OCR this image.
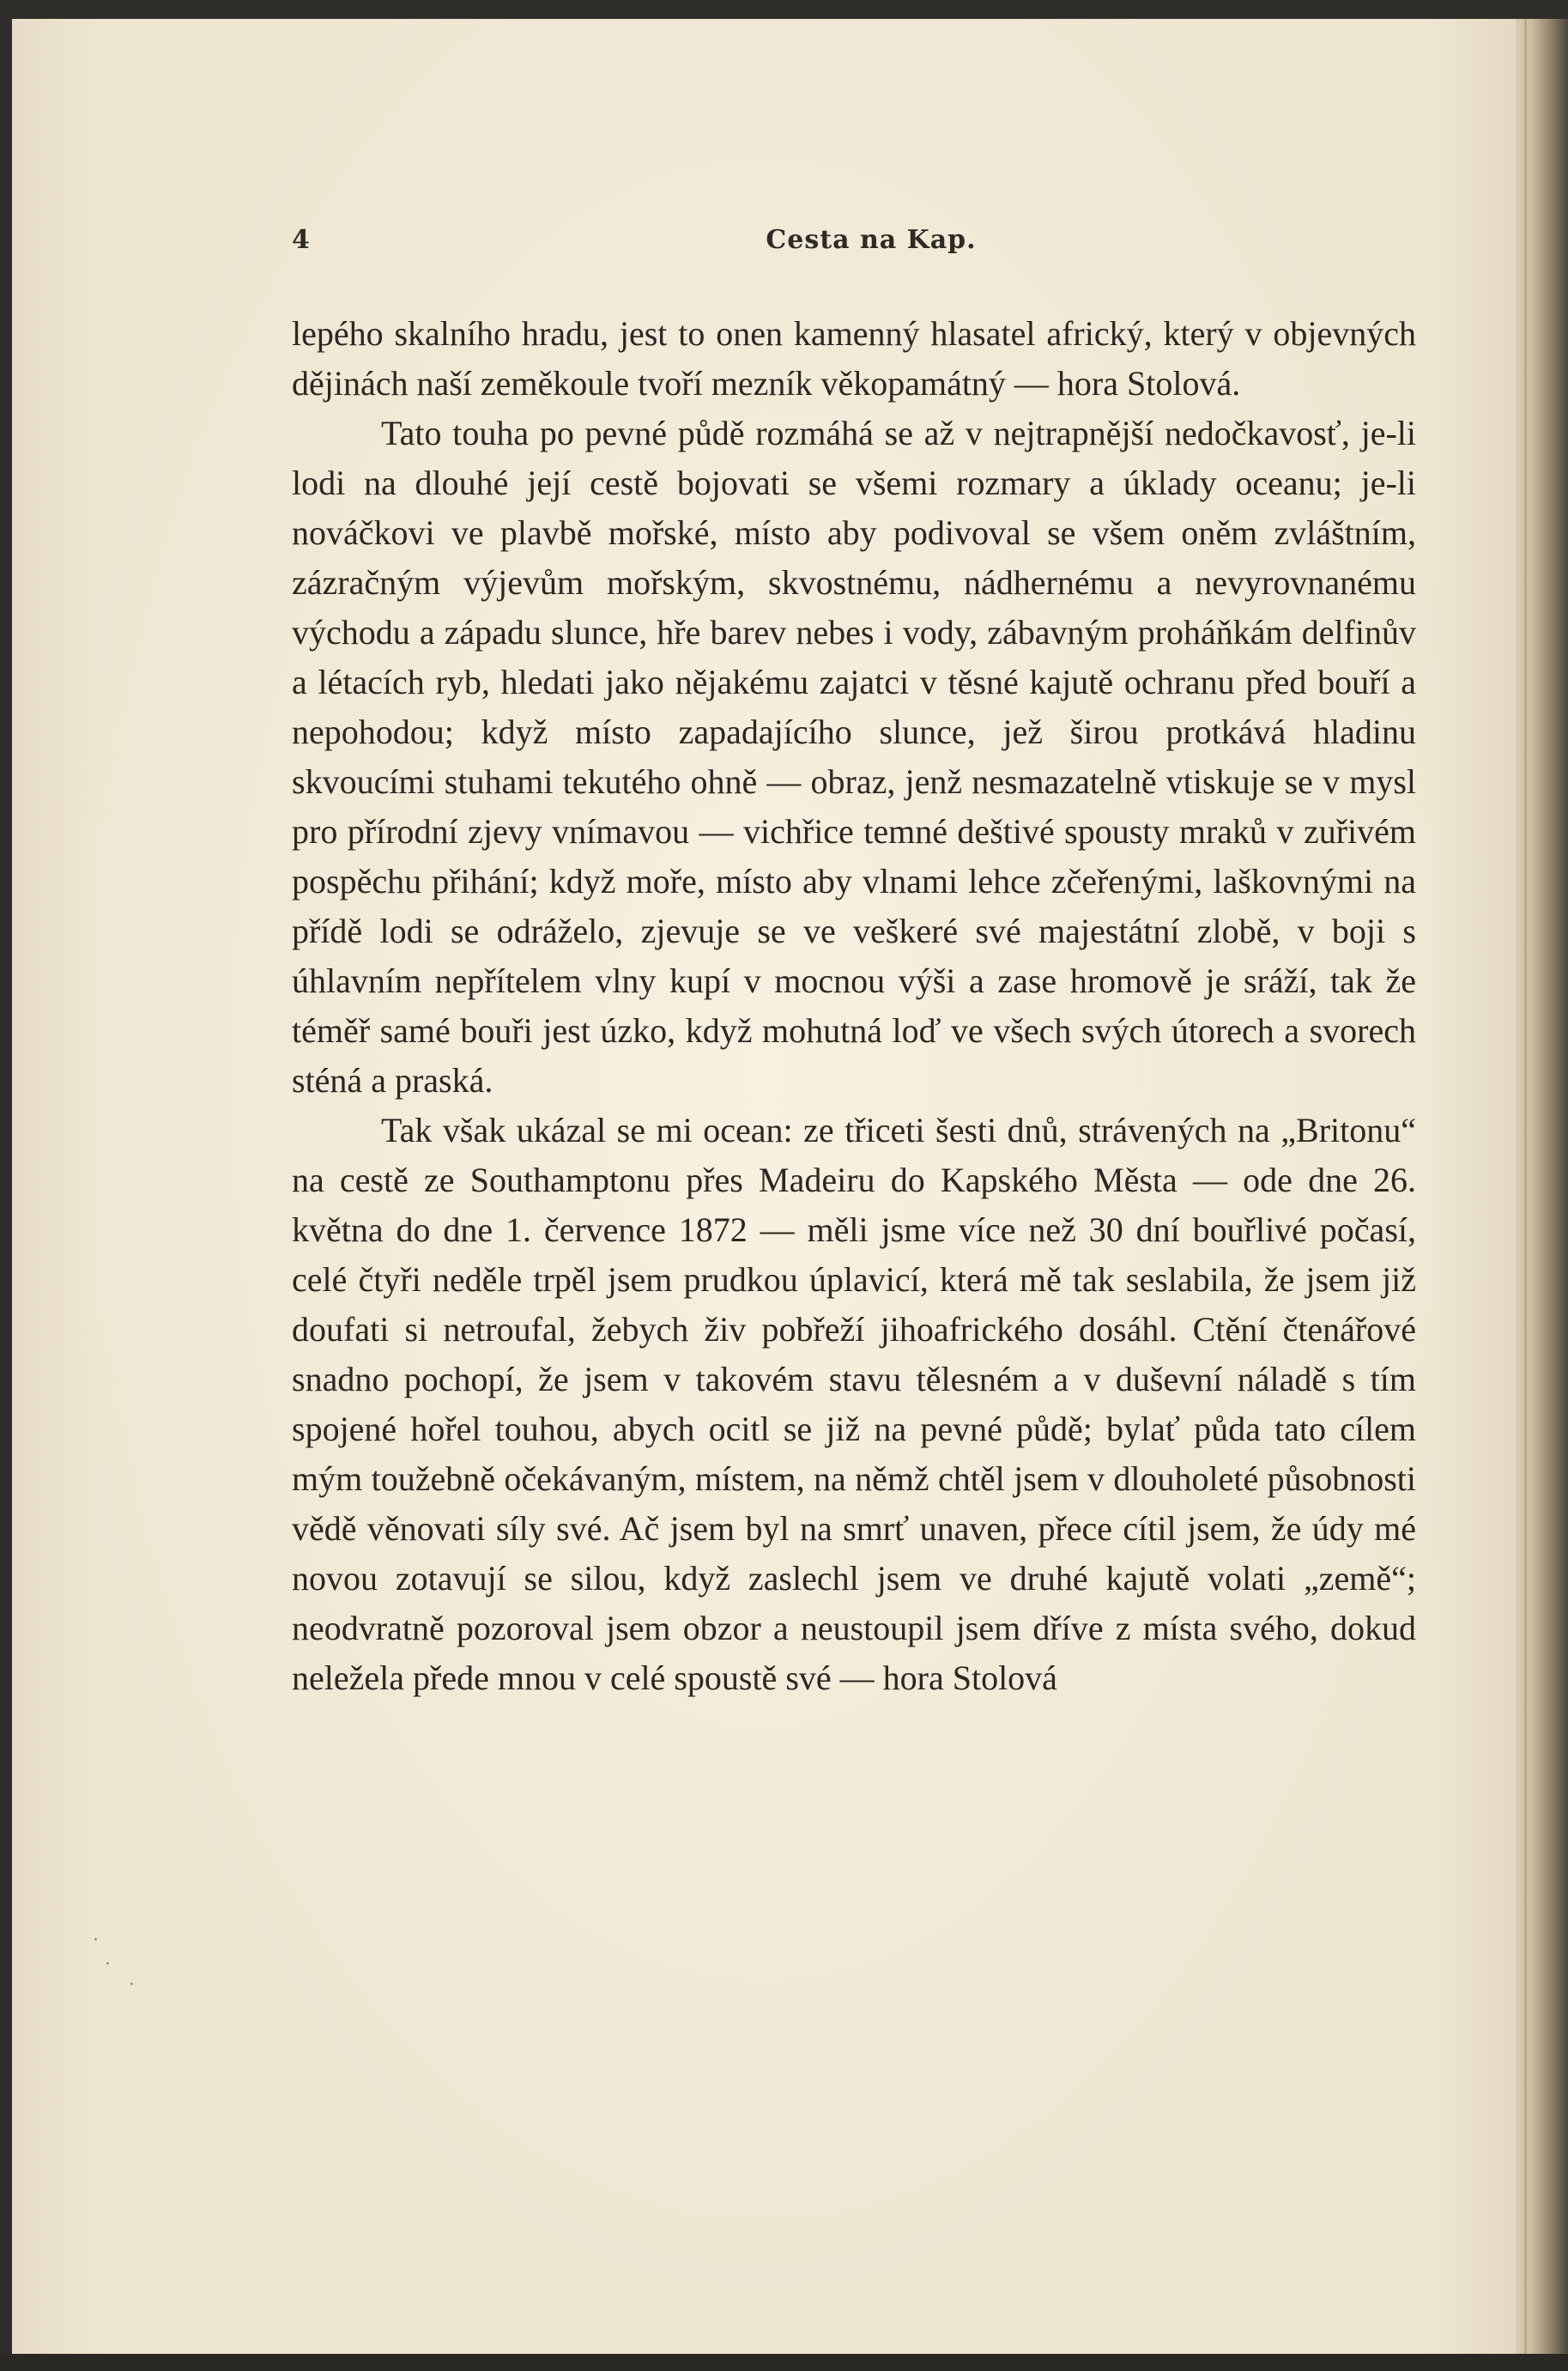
4	Cesta na Kap.

lepého skalního hradu, jest to onen kamenný hlasatel africký, který v objevných dějinách naší zeměkoule tvoří mezník věkopamátný — hora Stolová.

Tato touha po pevné půdě rozmáhá se až v nejtrapnější nedočkavosť, je-li lodi na dlouhé její cestě bojovati se všemi rozmary a úklady oceanu; je-li nováčkovi ve plavbě mořské, místo aby podivoval se všem oněm zvláštním, zázračným výjevům mořským, skvostnému, nádhernému a nevyrovnanému východu a západu slunce, hře barev nebes i vody, zábavným proháňkám delfinův a létacích ryb, hledati jako nějakému zajatci v těsné kajutě ochranu před bouří a nepohodou; když místo zapadajícího slunce, jež širou protkává hladinu skvoucími stuhami tekutého ohně — obraz, jenž nesmazatelně vtiskuje se v mysl pro přírodní zjevy vnímavou — vichřice temné deštivé spousty mraků v zuřivém pospěchu přihání; když moře, místo aby vlnami lehce zčeřenými, laškovnými na přídě lodi se odráželo, zjevuje se ve veškeré své majestátní zlobě, v boji s úhlavním nepřítelem vlny kupí v mocnou výši a zase hromově je sráží, tak že téměř samé bouři jest úzko, když mohutná loď ve všech svých útorech a svorech sténá a praská.

Tak však ukázal se mi ocean: ze třiceti šesti dnů, strávených na „Britonu“ na cestě ze Southamptonu přes Madeiru do Kapského Města — ode dne 26. května do dne 1. července 1872 — měli jsme více než 30 dní bouřlivé počasí, celé čtyři neděle trpěl jsem prudkou úplavicí, která mě tak seslabila, že jsem již doufati si netroufal, žebych živ pobřeží jihoafrického dosáhl. Ctění čtenářové snadno pochopí, že jsem v takovém stavu tělesném a v duševní náladě s tím spojené hořel touhou, abych ocitl se již na pevné půdě; bylať půda tato cílem mým toužebně očekávaným, místem, na němž chtěl jsem v dlouholeté působnosti vědě věnovati síly své. Ač jsem byl na smrť unaven, přece cítil jsem, že údy mé novou zotavují se silou, když zaslechl jsem ve druhé kajutě volati „země“; neodvratně pozoroval jsem obzor a neustoupil jsem dříve z místa svého, dokud neležela přede mnou v celé spoustě své — hora Stolová

·
·
·
